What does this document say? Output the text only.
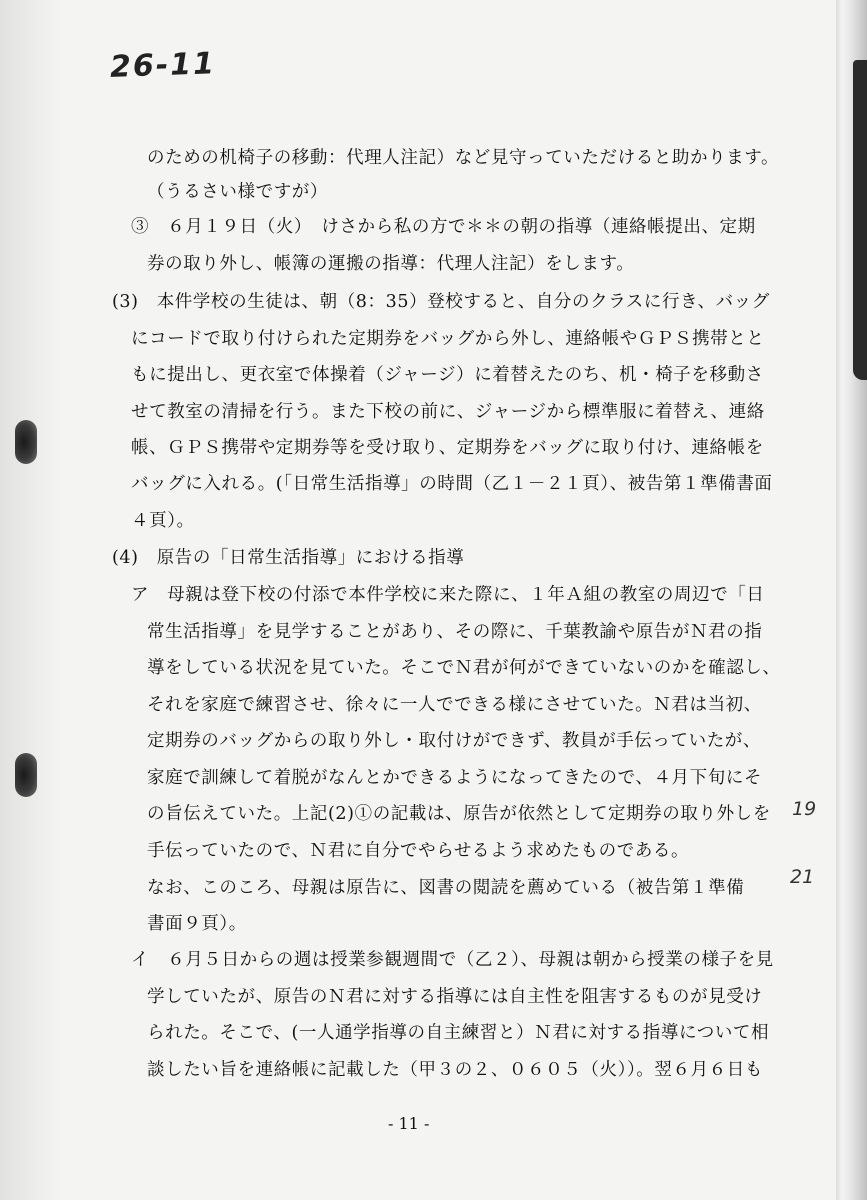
26-11
のための机椅子の移動：代理人注記）など見守っていただけると助かります。
（うるさい様ですが）
③　６月１９日（火）　けさから私の方で＊＊の朝の指導（連絡帳提出、定期
券の取り外し、帳簿の運搬の指導：代理人注記）をします。
(3)　本件学校の生徒は、朝（8：35）登校すると、自分のクラスに行き、バッグ
にコードで取り付けられた定期券をバッグから外し、連絡帳やＧＰＳ携帯とと
もに提出し、更衣室で体操着（ジャージ）に着替えたのち、机・椅子を移動さ
せて教室の清掃を行う。また下校の前に、ジャージから標準服に着替え、連絡
帳、ＧＰＳ携帯や定期券等を受け取り、定期券をバッグに取り付け、連絡帳を
バッグに入れる。(「日常生活指導」の時間（乙１－２１頁）、被告第１準備書面
４頁）。
(4)　原告の「日常生活指導」における指導
ア　母親は登下校の付添で本件学校に来た際に、１年Ａ組の教室の周辺で「日
常生活指導」を見学することがあり、その際に、千葉教諭や原告がＮ君の指
導をしている状況を見ていた。そこでＮ君が何ができていないのかを確認し、
それを家庭で練習させ、徐々に一人でできる様にさせていた。Ｎ君は当初、
定期券のバッグからの取り外し・取付けができず、教員が手伝っていたが、
家庭で訓練して着脱がなんとかできるようになってきたので、４月下旬にそ
の旨伝えていた。上記(2)①の記載は、原告が依然として定期券の取り外しを
手伝っていたので、Ｎ君に自分でやらせるよう求めたものである。
なお、このころ、母親は原告に、図書の閲読を薦めている（被告第１準備
書面９頁）。
イ　６月５日からの週は授業参観週間で（乙２）、母親は朝から授業の様子を見
学していたが、原告のＮ君に対する指導には自主性を阻害するものが見受け
られた。そこで、(一人通学指導の自主練習と）Ｎ君に対する指導について相
談したい旨を連絡帳に記載した（甲３の２、０６０５（火））。翌６月６日も
19
21
- 11 -
